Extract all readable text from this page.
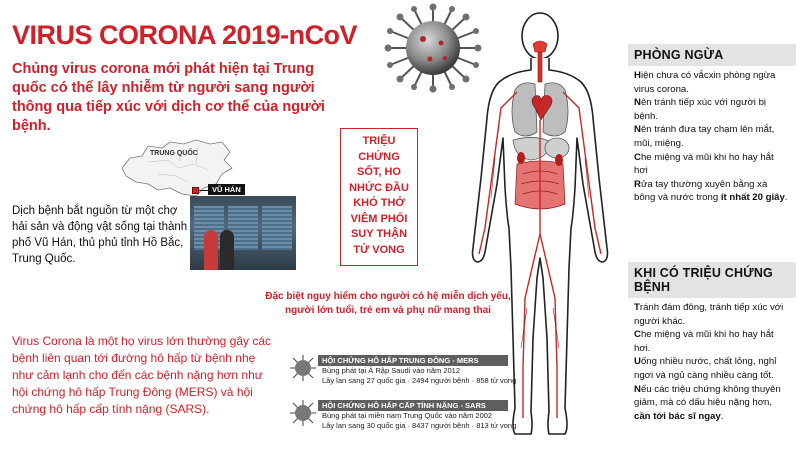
VIRUS CORONA 2019-nCoV
Chủng virus corona mới phát hiện tại Trung quốc có thể lây nhiễm từ người sang người thông qua tiếp xúc với dịch cơ thể của người bệnh.
TRUNG QUỐC
VŨ HÁN
Dịch bệnh bắt nguồn từ một chợ hải sản và động vật sống tại thành phố Vũ Hán, thủ phủ tỉnh Hồ Bắc, Trung Quốc.
TRIỆU CHỨNG
SỐT, HO
NHỨC ĐẦU
KHÓ THỞ
VIÊM PHỔI
SUY THẬN
TỬ VONG
Đặc biệt nguy hiểm cho người có hệ miễn dịch yếu, người lớn tuổi, trẻ em và phụ nữ mang thai
Virus Corona là một họ virus lớn thường gây các bệnh liên quan tới đường hô hấp từ bệnh nhẹ như cảm lạnh cho đến các bệnh nặng hơn như hội chứng hô hấp Trung Đông (MERS) và hội chứng hô hấp cấp tính nặng (SARS).
HỘI CHỨNG HÔ HẤP TRUNG ĐÔNG - MERS
Bùng phát tại Ả Rập Saudi vào năm 2012
Lây lan sang 27 quốc gia · 2494 người bệnh · 858 tử vong
HỘI CHỨNG HÔ HẤP CẤP TÍNH NẶNG - SARS
Bùng phát tại miền nam Trung Quốc vào năm 2002
Lây lan sang 30 quốc gia · 8437 người bệnh · 813 tử vong
PHÒNG NGỪA

Hiện chưa có vắcxin phòng ngừa virus corona.

Nên tránh tiếp xúc với người bị bệnh.

Nên tránh đưa tay chạm lên mắt, mũi, miệng.

Che miệng và mũi khi ho hay hắt hơi

Rửa tay thường xuyên bằng xà bông và nước trong ít nhất 20 giây.

KHI CÓ TRIỆU CHỨNG BỆNH

Tránh đám đông, tránh tiếp xúc với người khác.

Che miệng và mũi khi ho hay hắt hơi.

Uống nhiều nước, chất lỏng, nghỉ ngơi và ngủ càng nhiều càng tốt.

Nếu các triệu chứng không thuyên giảm, mà có dấu hiệu nặng hơn, cần tới bác sĩ ngay.
